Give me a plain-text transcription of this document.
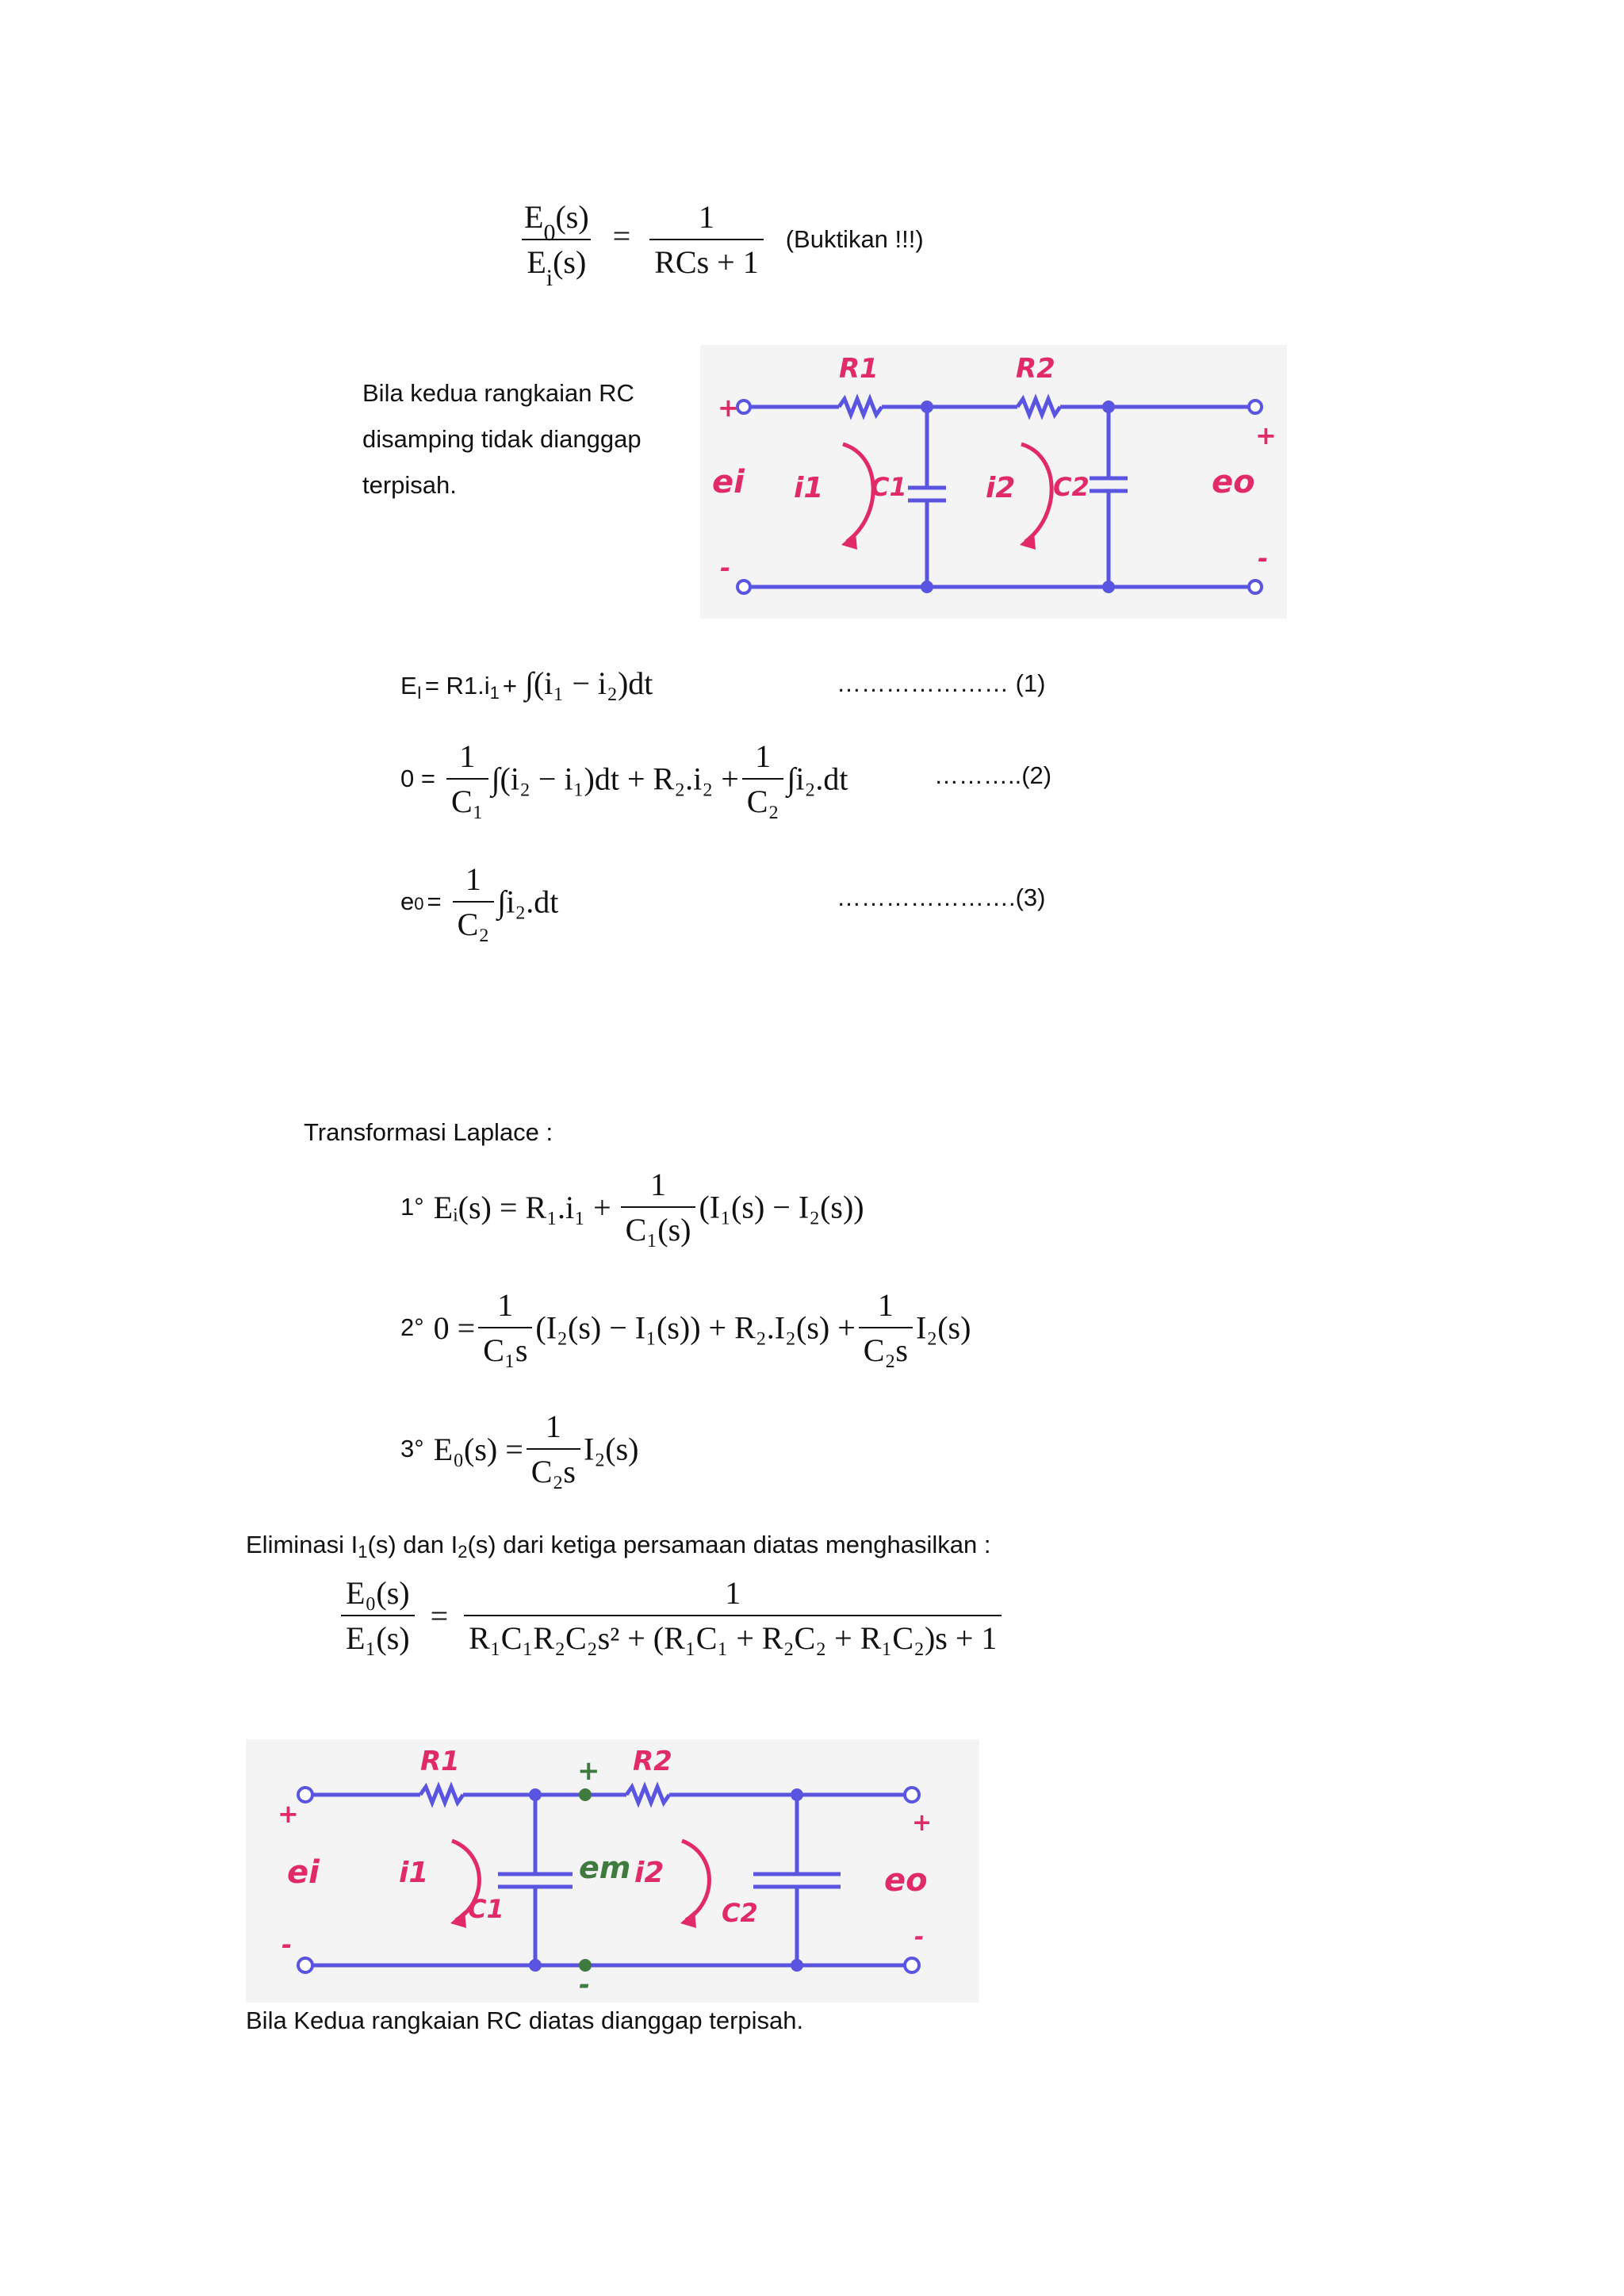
$\frac{E_0(s)}{E_i(s)} = \frac{1}{\text{RCs + 1}}$ (Buktikan !!!)
Bila kedua rangkaian RC
disamping tidak dianggap
terpisah.
R1	R2
ei	eo
i1	i2
C1	C2
+
-
+
-
EI = R1.i1 + ∫(i₁ − i₂)dt	………………… (1)
$0 = \frac{1}{\text{C₁}} \int(i_2 - i_1)dt + R_2.i_2 + \frac{1}{\text{C₂}} \int i_2.dt$	………..(2)
$e0 = \frac{1}{\text{C₂}} \int i_2.dt$	………………….(3)
Transformasi Laplace :
1° Eᵢ(s) = $R_1.i_1 + \frac{1}{\text{C₁(s)}} (I_1(s) - I_2(s))$
2° $0 = \frac{1}{\text{C₁s}} (I_2(s) - I_1(s)) + R_2.I_2(s) + \frac{1}{\text{C₂s}} I_2(s)$
3° $E_0(s) = \frac{1}{\text{C₂s}} I_2(s)$
Eliminasi I1(s) dan I2(s) dari ketiga persamaan diatas menghasilkan :
$\frac{\text{E₀(s)}}{\text{E₁(s)}} = \frac{1}{\text{R₁C₁R₂C₂s² + (R₁C₁ + R₂C₂ + R₁C₂)s + 1}}$
R1	R2
ei	eo
em
i1	i2
C1	C2
+
-
+
-
+
-
Bila Kedua rangkaian RC diatas dianggap terpisah.
